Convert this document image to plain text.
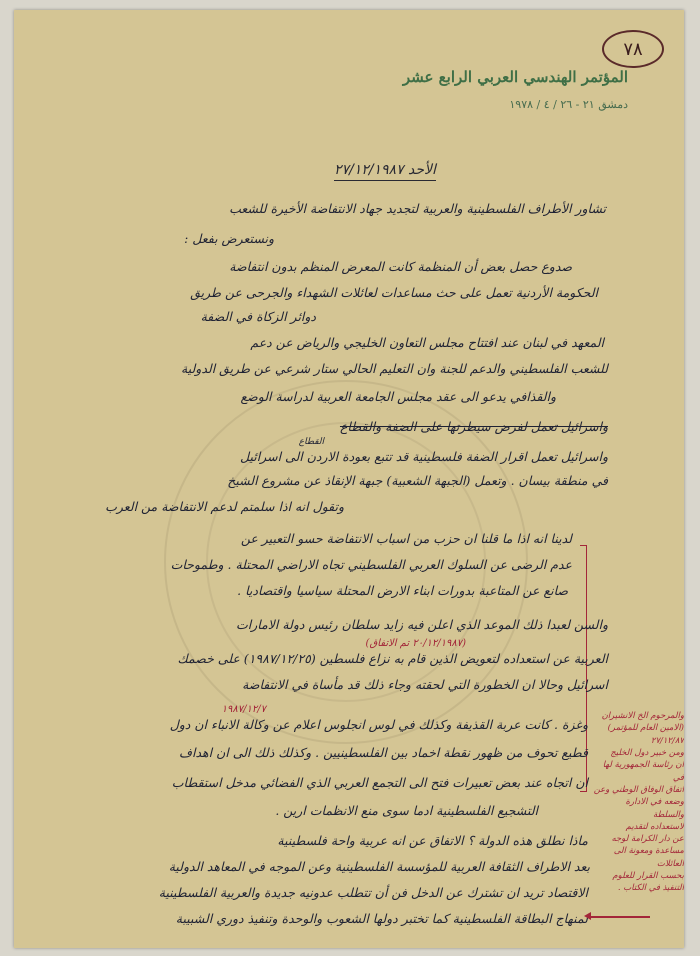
٧٨
المؤتمر الهندسي العربي الرابع عشر
دمشق ٢١ - ٢٦ / ٤ / ١٩٧٨
الأحد ٢٧/١٢/١٩٨٧
تشاور الأطراف الفلسطينية والعربية لتجديد جهاد الانتفاضة الأخيرة للشعب
ونستعرض بفعل :
صدوع حصل بعض أن المنظمة كانت المعرض المنظم بدون انتفاضة
الحكومة الأردنية تعمل على حث مساعدات لعائلات الشهداء والجرحى عن طريق
دوائر الزكاة في الضفة
المعهد في لبنان عند افتتاح مجلس التعاون الخليجي والرياض عن دعم
للشعب الفلسطيني والدعم للجنة وان التعليم الحالي ستار شرعي عن طريق الدولية
والقذافي يدعو الى عقد مجلس الجامعة العربية لدراسة الوضع
واسرائيل تعمل لفرض سيطرتها على الضفة والقطاع
القطاع
واسرائيل تعمل اقرار الضفة فلسطينية قد تتبع بعودة الاردن الى اسرائيل
في منطقة بيسان . وتعمل (الجبهة الشعبية) جبهة الإنقاذ عن مشروع الشيخ
وتقول انه اذا سلمتم لدعم الانتفاضة من العرب
لدينا انه اذا ما قلنا ان حزب من اسباب الانتفاضة حسو التعبير عن
عدم الرضى عن السلوك العربي الفلسطيني تجاه الاراضي المحتلة . وطموحات
صانع عن المتاعبة بدورات ابناء الارض المحتلة سياسيا واقتصاديا .
والسن لعبدا ذلك الموعد الذي اعلن فيه زايد سلطان رئيس دولة الامارات
العربية عن استعداده لتعويض الذين قام به نزاع فلسطين (١٩٨٧/١٢/٢٥) على خصمك
اسرائيل وحالا ان الخطورة التي لحقته وجاء ذلك قد مأساة في الانتفاضة
(٢٠/١٢/١٩٨٧ تم الاتفاق)
١٩٨٧/١٢/٧
وغزة . كانت عربة القذيفة وكذلك في لوس انجلوس اعلام عن وكالة الانباء ان دول
قطيع تحوف من ظهور نقطة اخماد بين الفلسطينيين . وكذلك ذلك الى ان اهداف
ان اتجاه عند بعض تعبيرات فتح الى التجمع العربي الذي الفضائي مدخل استقطاب
التشجيع الفلسطينية ادما سوى منع الانظمات ارين .
ماذا نطلق هذه الدولة ؟ الاتفاق عن انه عربية واحة فلسطينية
بعد الاطراف الثقافة العربية للمؤسسة الفلسطينية وعن الموجه في المعاهد الدولية
الاقتصاد تريد ان تشترك عن الدخل فن أن تتطلب عدونيه جديدة والعربية الفلسطينية
لمنهاج البطاقة الفلسطينية كما تختبر دولها الشعوب والوحدة وتنفيذ دوري الشبيبة
والمرحوم الخ الانشيران
(الامين العام للمؤتمر) ٢٧/١٢/٨٧
ومن خبير دول الخليج
ان رئاسة الجمهورية لها في
اتفاق الوفاق الوطني وعن
وضعه في الادارة والسلطة
لاستعداده لتقديم
عن دار الكرامة لوجه
مساعدة ومعونة الى العائلات
بحسب القرار للعلوم
التنفيذ في الكتاب .
